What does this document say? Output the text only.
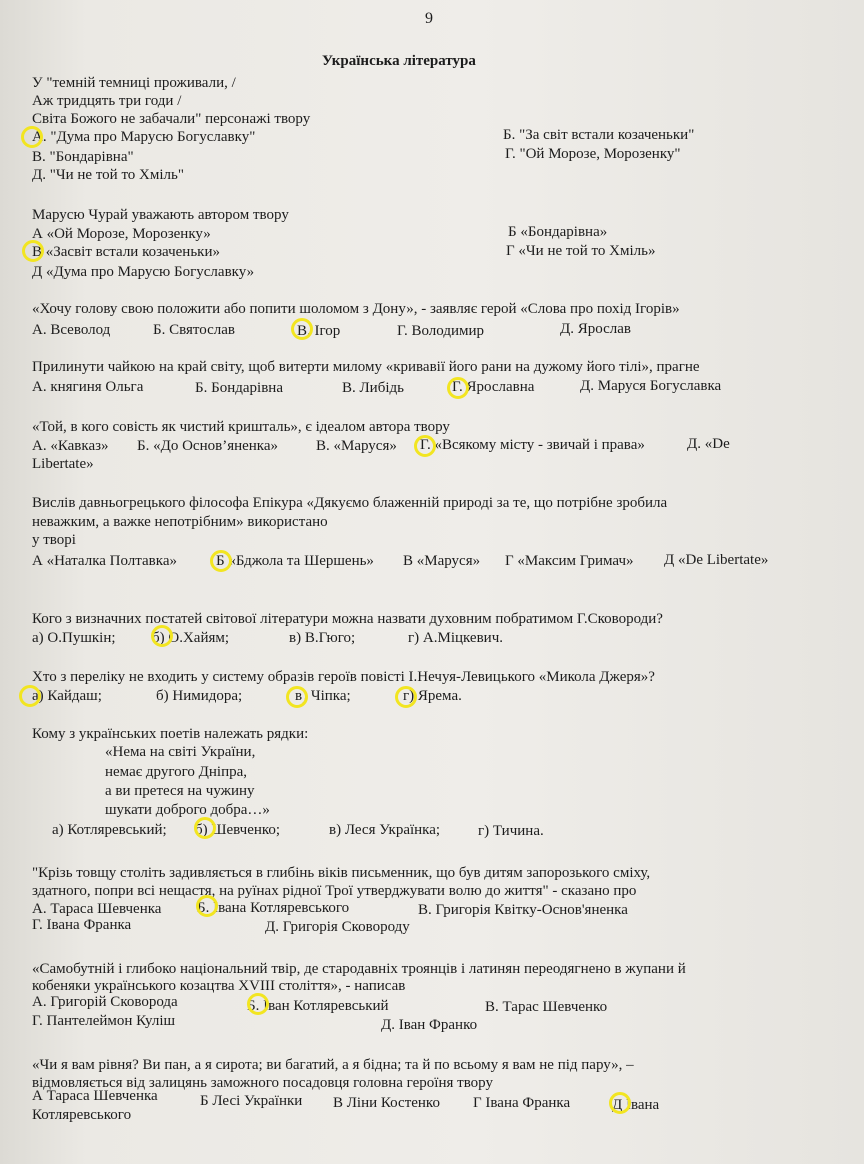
9
Українська література
У "темній темниці проживали, /
Аж тридцять три годи /
Світа Божого не забачали" персонажі твору
А. "Дума про Марусю Богуславку"	Б. "За світ встали козаченьки"
В. "Бондарівна"	Г. "Ой Морозе, Морозенку"
Д. "Чи не той то Хміль"
Марусю Чурай уважають автором твору
А «Ой Морозе, Морозенку»	Б «Бондарівна»
В «Засвіт встали козаченьки»	Г «Чи не той то Хміль»
Д «Дума про Марусю Богуславку»
«Хочу голову свою положити або попити шоломом з Дону», - заявляє герой «Слова про похід Ігорів»
А. Всеволод	Б. Святослав	В. Ігор	Г. Володимир	Д. Ярослав
Прилинути чайкою на край світу, щоб витерти милому «кривавії його рани на дужому його тілі», прагне
А. княгиня Ольга	Б. Бондарівна	В. Либідь	Г. Ярославна	Д. Маруся Богуславка
«Той, в кого совість як чистий кришталь», є ідеалом автора твору
А. «Кавказ» Б. «До Основ’яненка»	В. «Маруся» Г. «Всякому місту - звичай і права»	Д. «De
Libertate»
Вислів давньогрецького філософа Епікура «Дякуємо блаженній природі за те, що потрібне зробила
неважким, а важке непотрібним» використано
у творі
А «Наталка Полтавка»	Б «Бджола та Шершень» В «Маруся» Г «Максим Гримач» Д «De Libertate»
Кого з визначних постатей світової літератури можна назвати духовним побратимом Г.Сковороди?
а) О.Пушкін; б) О.Хайям;	в) В.Гюго;	г) А.Міцкевич.
Хто з переліку не входить у систему образів героїв повісті І.Нечуя-Левицького «Микола Джеря»?
а) Кайдаш;	б) Нимидора;	в) Чіпка;	г) Ярема.
Кому з українських поетів належать рядки:
«Нема на світі України,
немає другого Дніпра,
а ви претеся на чужину
шукати доброго добра…»
а) Котляревський; б) Шевченко;	в) Леся Українка;	г) Тичина.
"Крізь товщу століть задивляється в глибінь віків письменник, що був дитям запорозького сміху,
здатного, попри всі нещастя, на руїнах рідної Трої утверджувати волю до життя" - сказано про
А. Тараса Шевченка Б. Івана Котляревського	В. Григорія Квітку-Основ'яненка
Г. Івана Франка	Д. Григорія Сковороду
«Самобутній і глибоко національний твір, де стародавніх троянців і латинян переодягнено в жупани й
кобеняки українського козацтва XVIII століття», - написав
А. Григорій Сковорода	Б. Іван Котляревський	В. Тарас Шевченко
Г. Пантелеймон Куліш	Д. Іван Франко
«Чи я вам рівня? Ви пан, а я сирота; ви багатий, а я бідна; та й по всьому я вам не під пару», –
відмовляється від залицянь заможного посадовця головна героїня твору
А Тараса Шевченка	Б Лесі Українки В Ліни Костенко Г Івана Франка	Д Івана
Котляревського
